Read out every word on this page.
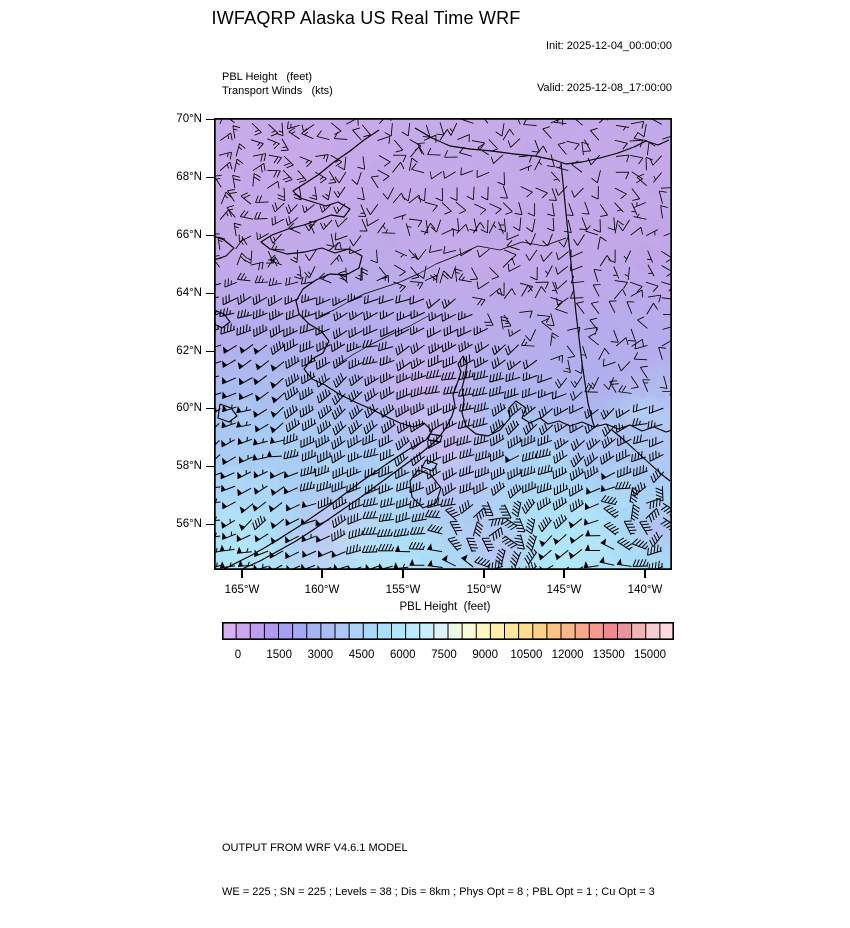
IWFAQRP Alaska US Real Time WRF

Init: 2025-12-04_00:00:00

Valid: 2025-12-08_17:00:00

PBL Height   (feet)
Transport Winds   (kts)
70°N
68°N
66°N
64°N
62°N
60°N
58°N
56°N
165°W	160°W	155°W	150°W	145°W	140°W
PBL Height  (feet)
0 1500 3000 4500 6000 7500 9000 10500 12000 13500 15000

OUTPUT FROM WRF V4.6.1 MODEL

WE = 225 ; SN = 225 ; Levels = 38 ; Dis = 8km ; Phys Opt = 8 ; PBL Opt = 1 ; Cu Opt = 3
